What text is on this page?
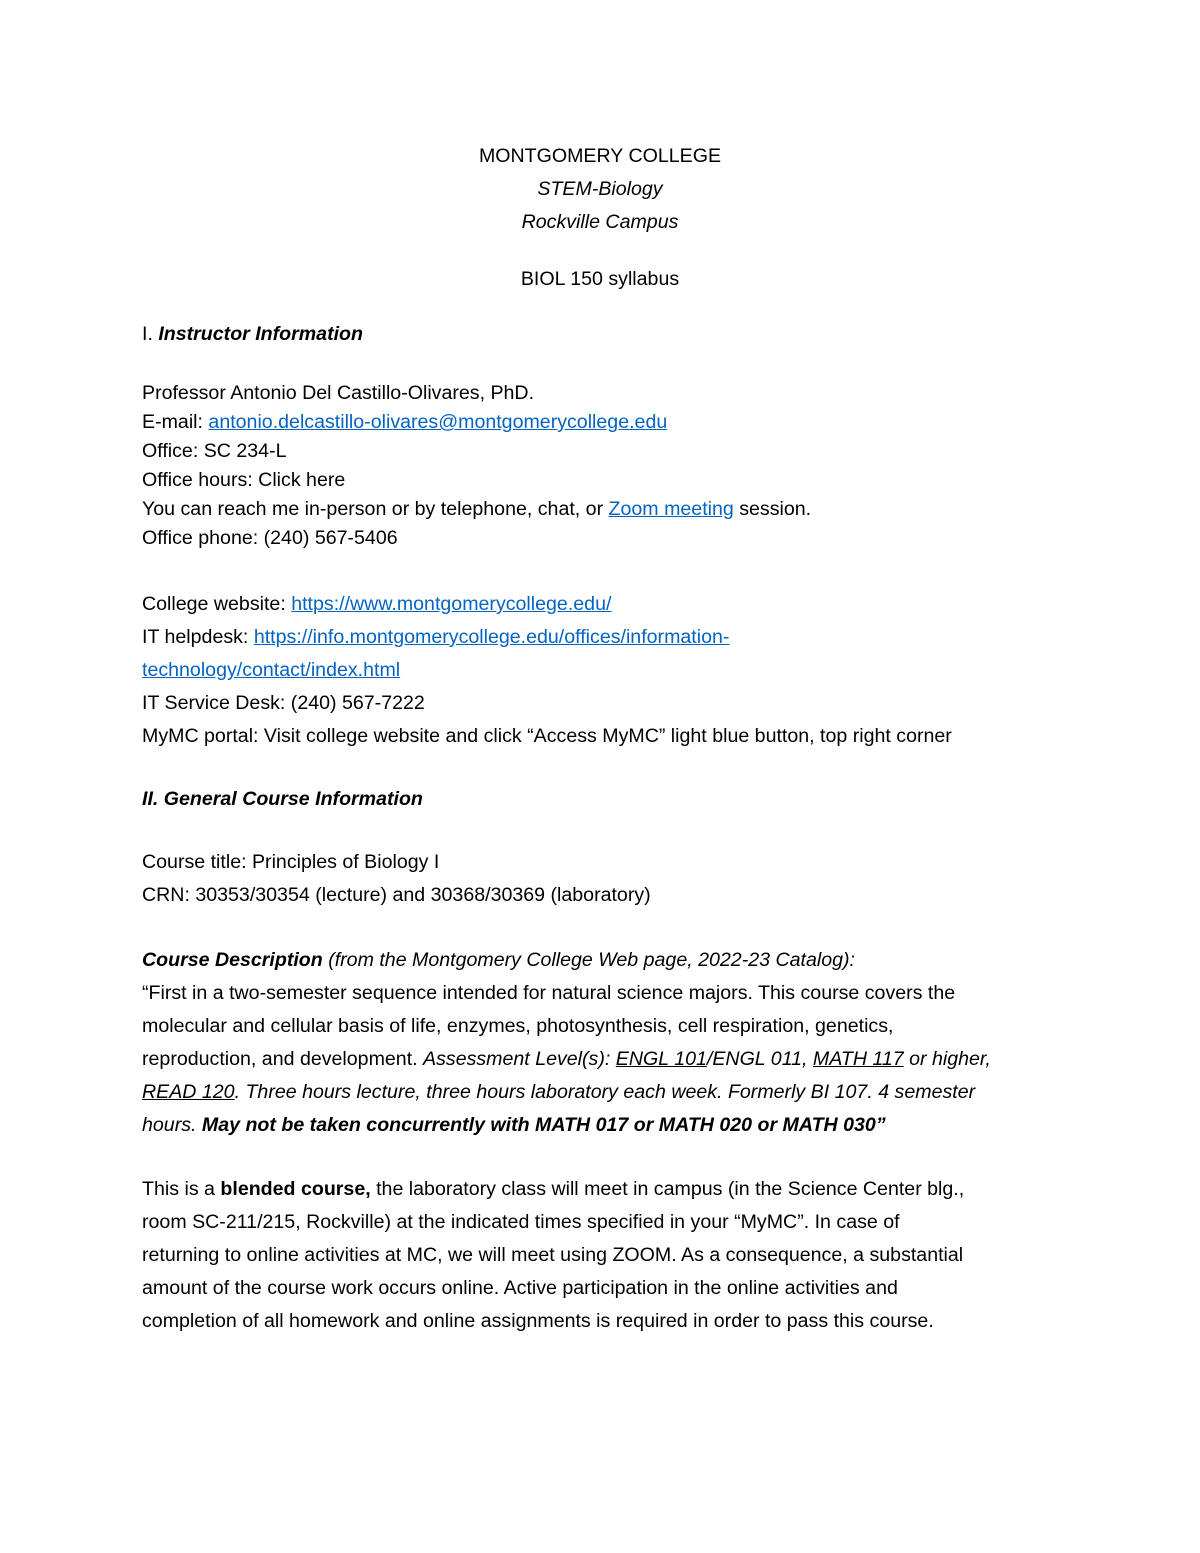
MONTGOMERY COLLEGE
STEM-Biology
Rockville Campus
BIOL 150 syllabus
I. Instructor Information
Professor Antonio Del Castillo-Olivares, PhD.
E-mail: antonio.delcastillo-olivares@montgomerycollege.edu
Office: SC 234-L
Office hours: Click here
You can reach me in-person or by telephone, chat, or Zoom meeting session.
Office phone: (240) 567-5406
College website: https://www.montgomerycollege.edu/
IT helpdesk: https://info.montgomerycollege.edu/offices/information-
technology/contact/index.html
IT Service Desk: (240) 567-7222
MyMC portal: Visit college website and click “Access MyMC” light blue button, top right corner
II. General Course Information
Course title: Principles of Biology I
CRN: 30353/30354 (lecture) and 30368/30369 (laboratory)
Course Description (from the Montgomery College Web page, 2022-23 Catalog):
“First in a two-semester sequence intended for natural science majors. This course covers the
molecular and cellular basis of life, enzymes, photosynthesis, cell respiration, genetics,
reproduction, and development. Assessment Level(s): ENGL 101/ENGL 011, MATH 117 or higher,
READ 120. Three hours lecture, three hours laboratory each week. Formerly BI 107. 4 semester
hours. May not be taken concurrently with MATH 017 or MATH 020 or MATH 030”
This is a blended course, the laboratory class will meet in campus (in the Science Center blg.,
room SC-211/215, Rockville) at the indicated times specified in your “MyMC”. In case of
returning to online activities at MC, we will meet using ZOOM. As a consequence, a substantial
amount of the course work occurs online. Active participation in the online activities and
completion of all homework and online assignments is required in order to pass this course.
